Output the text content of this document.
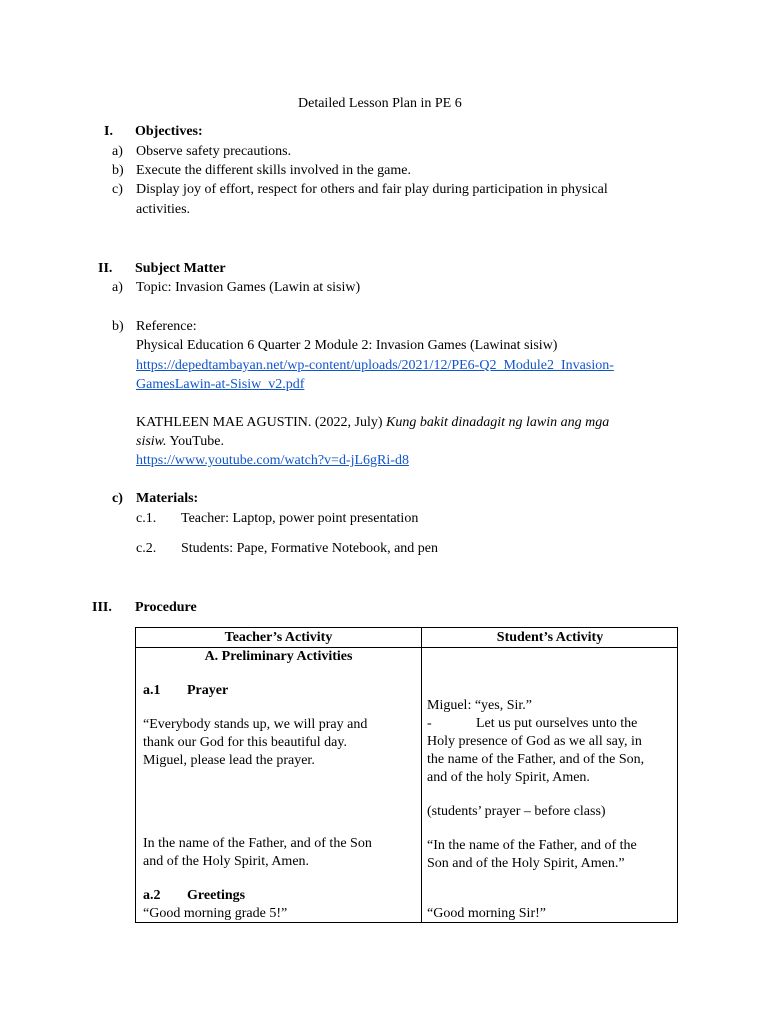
Detailed Lesson Plan in PE 6
I. Objectives:
a) Observe safety precautions.
b) Execute the different skills involved in the game.
c) Display joy of effort, respect for others and fair play during participation in physical
activities.
II. Subject Matter
a) Topic: Invasion Games (Lawin at sisiw)
b) Reference:
Physical Education 6 Quarter 2 Module 2: Invasion Games (Lawinat sisiw)
https://depedtambayan.net/wp-content/uploads/2021/12/PE6-Q2_Module2_Invasion-
GamesLawin-at-Sisiw_v2.pdf
KATHLEEN MAE AGUSTIN. (2022, July) Kung bakit dinadagit ng lawin ang mga
sisiw. YouTube.
https://www.youtube.com/watch?v=d-jL6gRi-d8
c) Materials:
c.1. Teacher: Laptop, power point presentation
c.2. Students: Pape, Formative Notebook, and pen
III. Procedure
Teacher’s Activity	Student’s Activity
A. Preliminary Activities
a.1 Prayer
“Everybody stands up, we will pray and
thank our God for this beautiful day.
Miguel, please lead the prayer.
In the name of the Father, and of the Son
and of the Holy Spirit, Amen.
a.2 Greetings
“Good morning grade 5!”
Miguel: “yes, Sir.”
-	Let us put ourselves unto the
Holy presence of God as we all say, in
the name of the Father, and of the Son,
and of the holy Spirit, Amen.
(students’ prayer – before class)
“In the name of the Father, and of the
Son and of the Holy Spirit, Amen.”
“Good morning Sir!”
